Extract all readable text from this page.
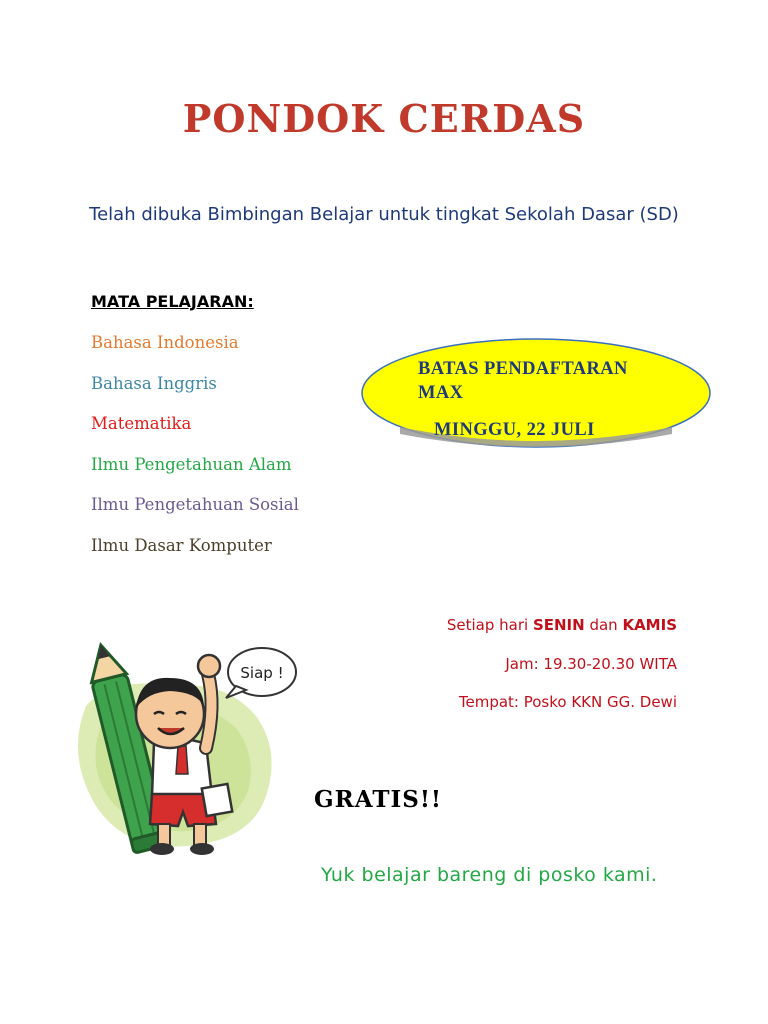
PONDOK CERDAS
Telah dibuka Bimbingan Belajar untuk tingkat Sekolah Dasar (SD)
MATA PELAJARAN:
Bahasa Indonesia
Bahasa Inggris
Matematika
Ilmu Pengetahuan Alam
Ilmu Pengetahuan Sosial
Ilmu Dasar Komputer
BATAS PENDAFTARAN
MAX
Setiap hari SENIN dan KAMIS
Jam: 19.30-20.30 WITA
Tempat: Posko KKN GG. Dewi
Siap !
GRATIS!!
Yuk belajar bareng di posko kami.
